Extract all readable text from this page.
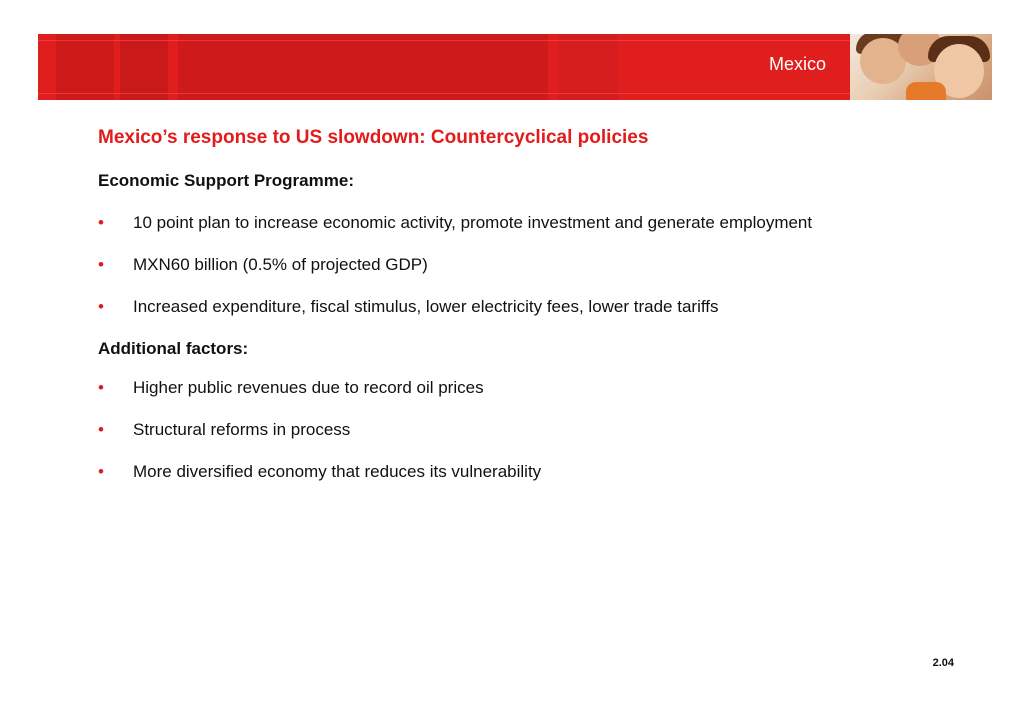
Mexico
Mexico’s response to US slowdown: Countercyclical policies
Economic Support Programme:
• 10 point plan to increase economic activity, promote investment and generate employment
• MXN60 billion (0.5% of projected GDP)
• Increased expenditure, fiscal stimulus, lower electricity fees, lower trade tariffs
Additional factors:
• Higher public revenues due to record oil prices
• Structural reforms in process
• More diversified economy that reduces its vulnerability
2.04
